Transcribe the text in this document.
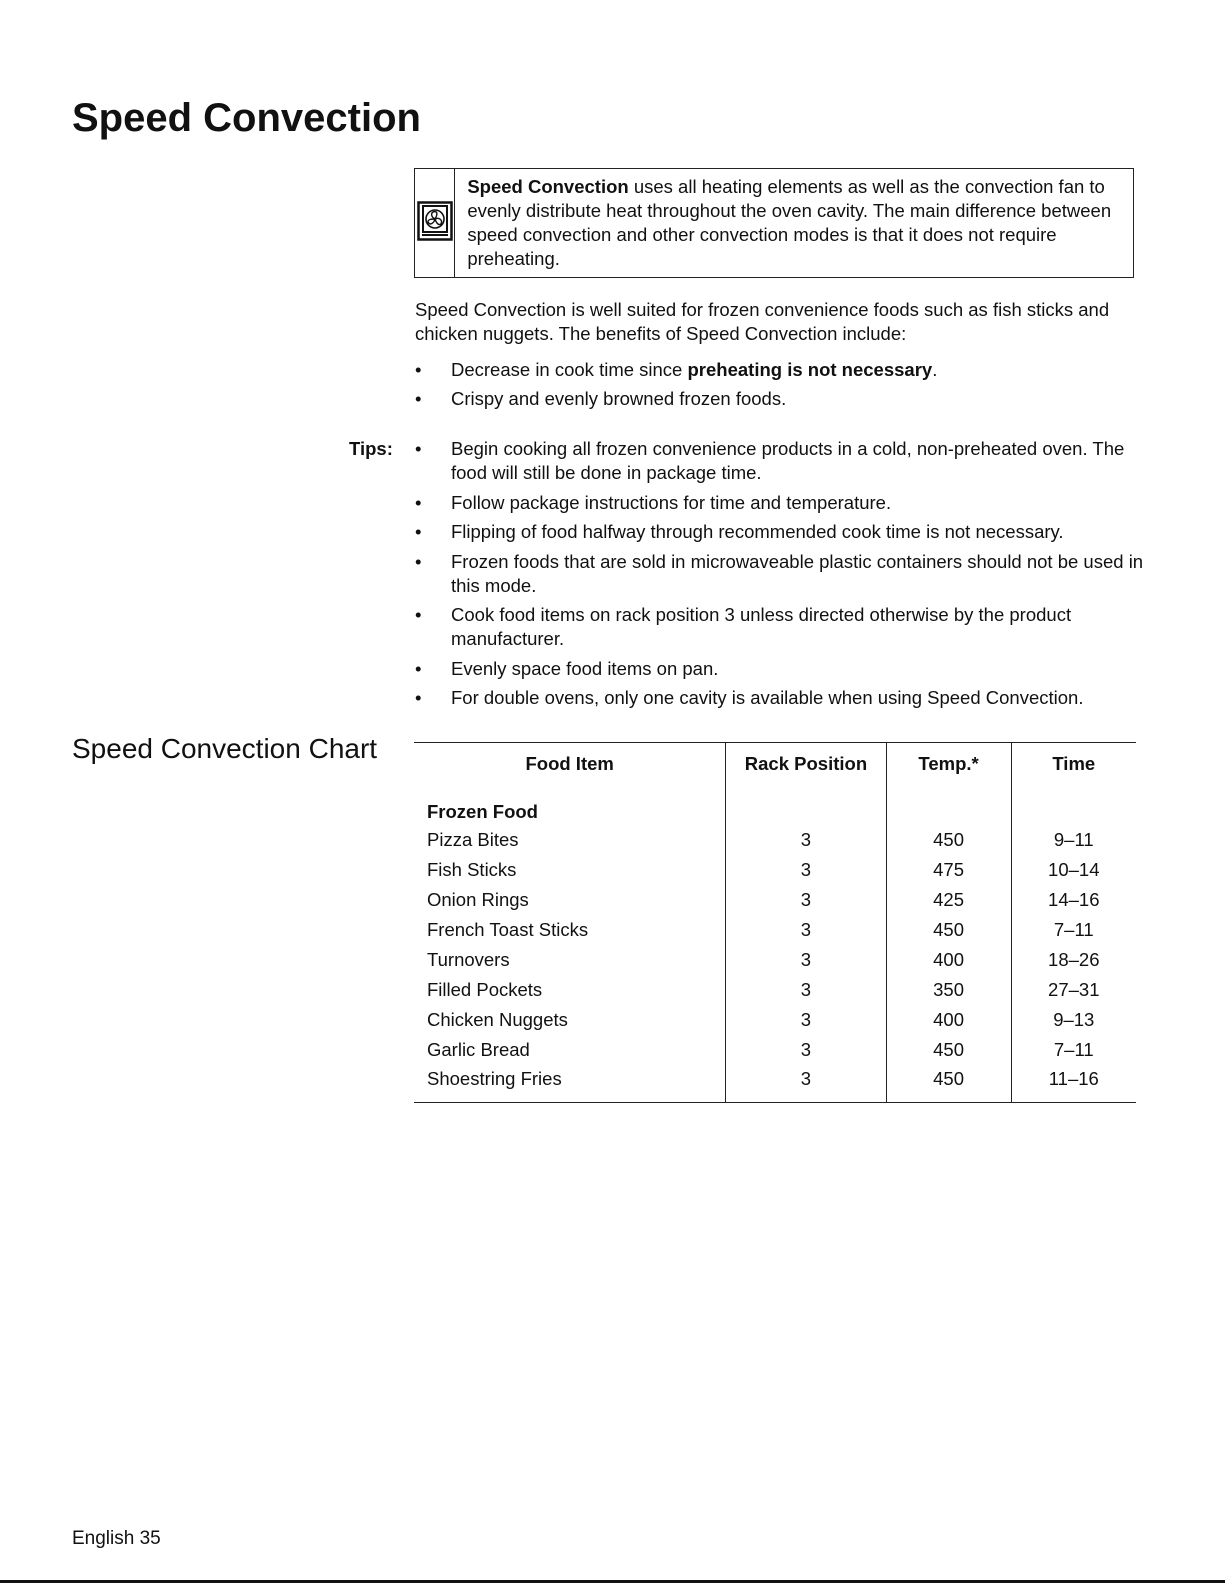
Speed Convection
Speed Convection uses all heating elements as well as the convection fan to evenly distribute heat throughout the oven cavity. The main difference between speed convection and other convection modes is that it does not require preheating.
Speed Convection is well suited for frozen convenience foods such as fish sticks and chicken nuggets. The benefits of Speed Convection include:
• Decrease in cook time since preheating is not necessary.
• Crispy and evenly browned frozen foods.
Tips: • Begin cooking all frozen convenience products in a cold, non-preheated oven. The food will still be done in package time.
• Follow package instructions for time and temperature.
• Flipping of food halfway through recommended cook time is not necessary.
• Frozen foods that are sold in microwaveable plastic containers should not be used in this mode.
• Cook food items on rack position 3 unless directed otherwise by the product manufacturer.
• Evenly space food items on pan.
• For double ovens, only one cavity is available when using Speed Convection.
Speed Convection Chart	Food Item	Rack Position	Temp.*	Time
Frozen Food			
Pizza Bites	3	450	9–11
Fish Sticks	3	475	10–14
Onion Rings	3	425	14–16
French Toast Sticks	3	450	7–11
Turnovers	3	400	18–26
Filled Pockets	3	350	27–31
Chicken Nuggets	3	400	9–13
Garlic Bread	3	450	7–11
Shoestring Fries	3	450	11–16
English 35
